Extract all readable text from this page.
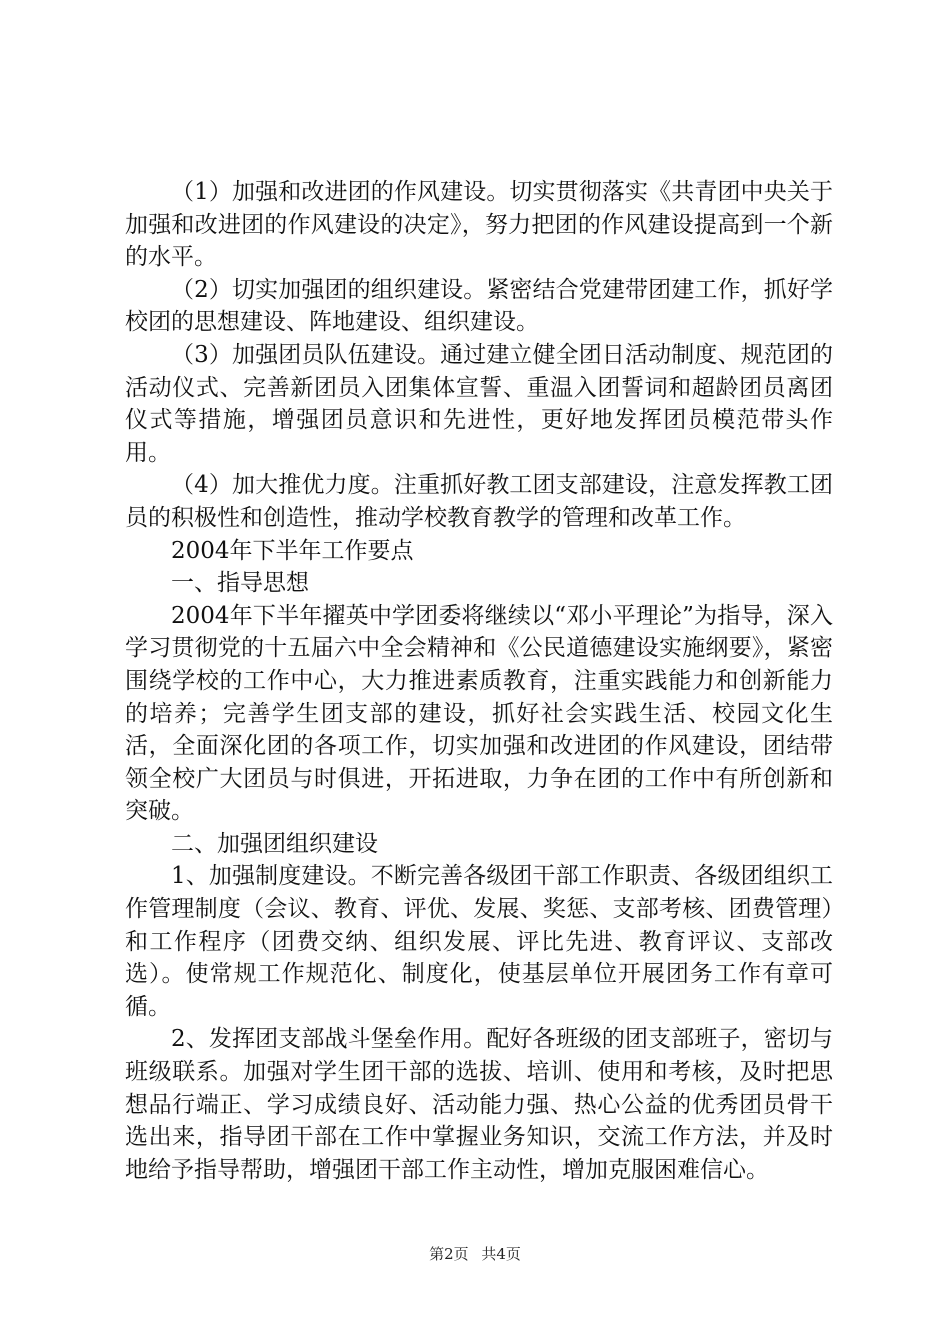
（1）加强和改进团的作风建设。切实贯彻落实《共青团中央关于加强和改进团的作风建设的决定》，努力把团的作风建设提高到一个新的水平。

（2）切实加强团的组织建设。紧密结合党建带团建工作，抓好学校团的思想建设、阵地建设、组织建设。

（3）加强团员队伍建设。通过建立健全团日活动制度、规范团的活动仪式、完善新团员入团集体宣誓、重温入团誓词和超龄团员离团仪式等措施，增强团员意识和先进性，更好地发挥团员模范带头作用。

（4）加大推优力度。注重抓好教工团支部建设，注意发挥教工团员的积极性和创造性，推动学校教育教学的管理和改革工作。

2004年下半年工作要点

一、指导思想

2004年下半年擢英中学团委将继续以“邓小平理论”为指导，深入学习贯彻党的十五届六中全会精神和《公民道德建设实施纲要》，紧密围绕学校的工作中心，大力推进素质教育，注重实践能力和创新能力的培养；完善学生团支部的建设，抓好社会实践生活、校园文化生活，全面深化团的各项工作，切实加强和改进团的作风建设，团结带领全校广大团员与时俱进，开拓进取，力争在团的工作中有所创新和突破。

二、加强团组织建设

1、加强制度建设。不断完善各级团干部工作职责、各级团组织工作管理制度（会议、教育、评优、发展、奖惩、支部考核、团费管理）和工作程序（团费交纳、组织发展、评比先进、教育评议、支部改选）。使常规工作规范化、制度化，使基层单位开展团务工作有章可循。

2、发挥团支部战斗堡垒作用。配好各班级的团支部班子，密切与班级联系。加强对学生团干部的选拔、培训、使用和考核，及时把思想品行端正、学习成绩良好、活动能力强、热心公益的优秀团员骨干选出来，指导团干部在工作中掌握业务知识，交流工作方法，并及时地给予指导帮助，增强团干部工作主动性，增加克服困难信心。

第2页 共4页
